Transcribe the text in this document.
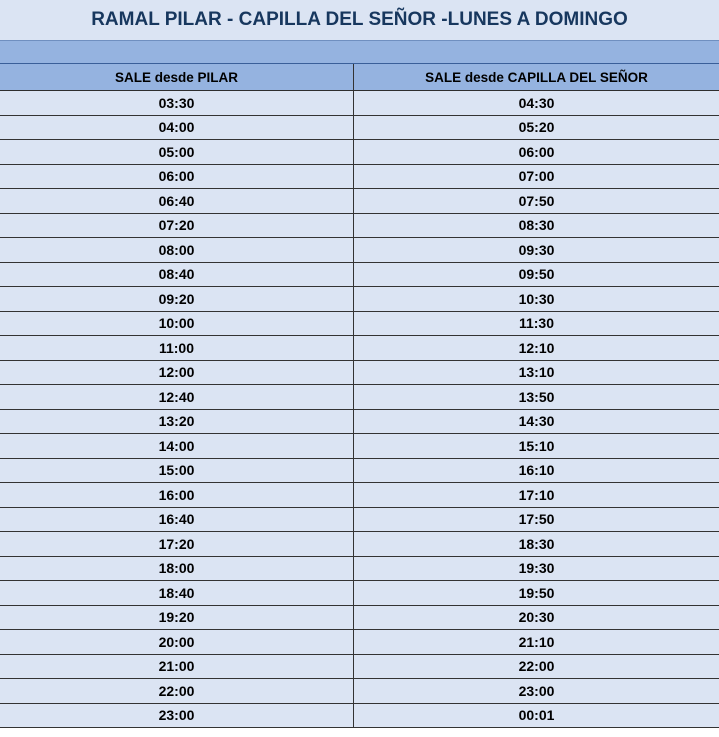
RAMAL PILAR - CAPILLA DEL SEÑOR -LUNES A DOMINGO
SALE desde PILAR	SALE desde CAPILLA DEL SEÑOR
03:30	04:30
04:00	05:20
05:00	06:00
06:00	07:00
06:40	07:50
07:20	08:30
08:00	09:30
08:40	09:50
09:20	10:30
10:00	11:30
11:00	12:10
12:00	13:10
12:40	13:50
13:20	14:30
14:00	15:10
15:00	16:10
16:00	17:10
16:40	17:50
17:20	18:30
18:00	19:30
18:40	19:50
19:20	20:30
20:00	21:10
21:00	22:00
22:00	23:00
23:00	00:01
